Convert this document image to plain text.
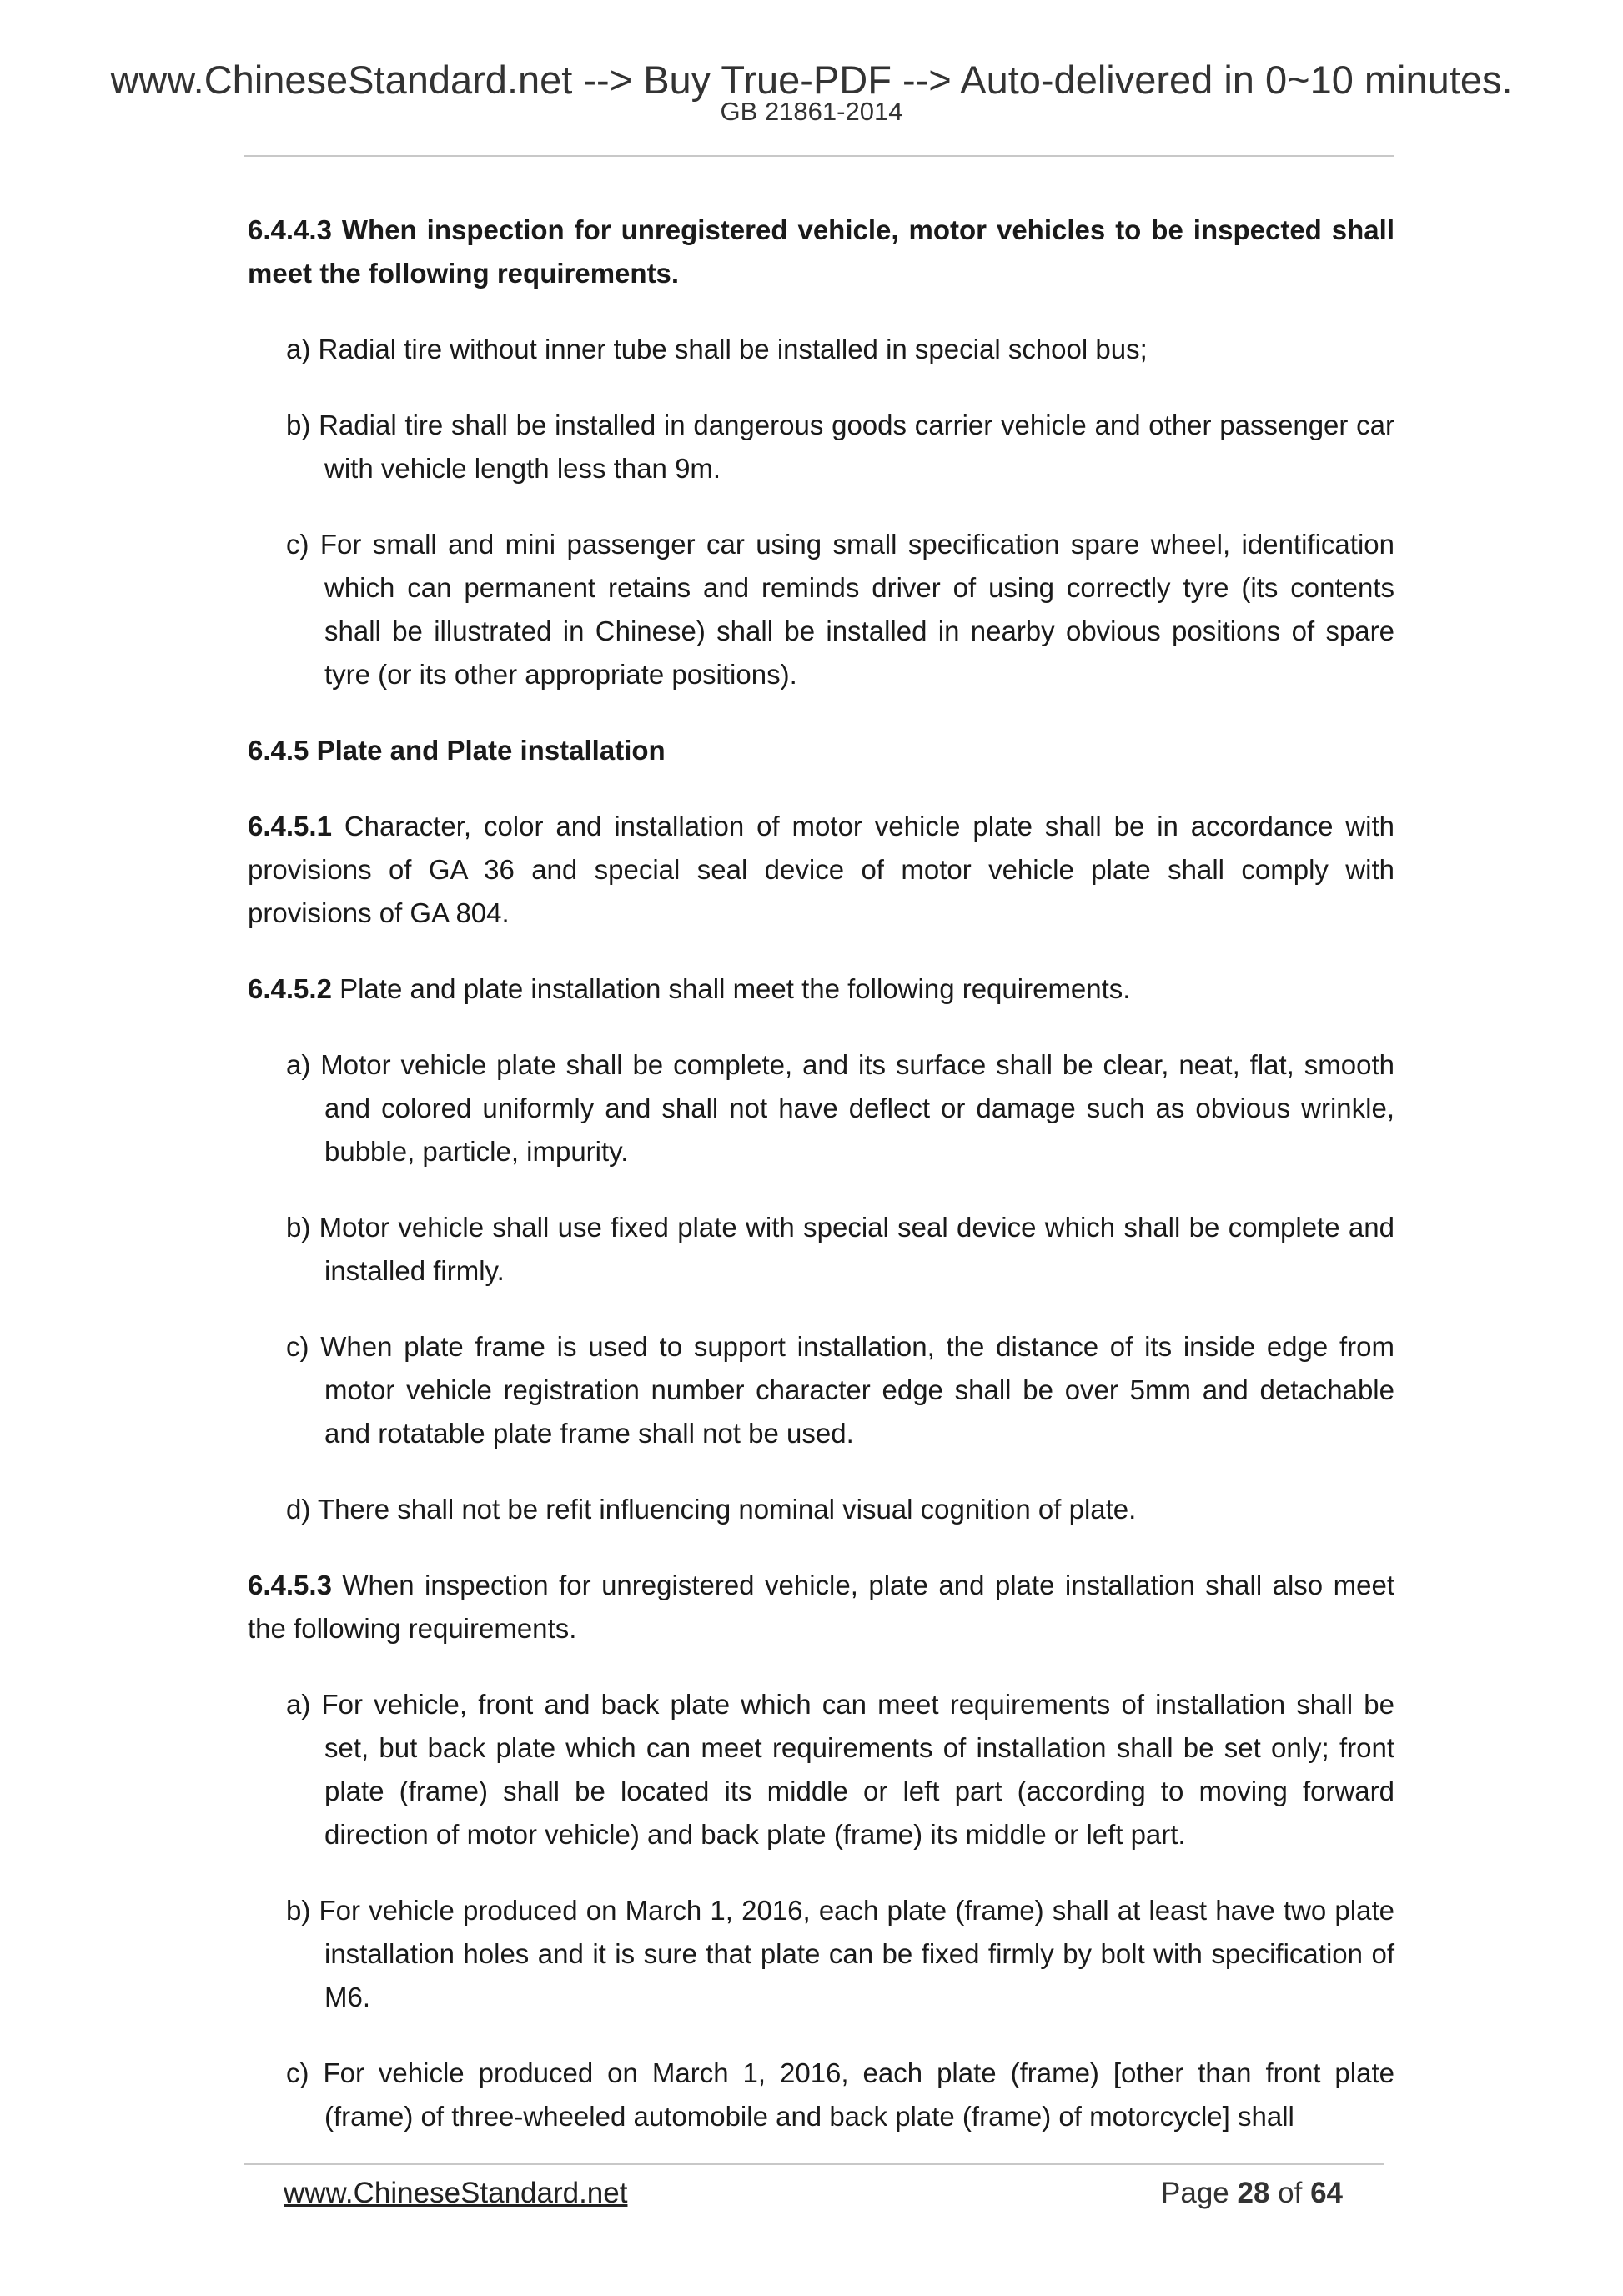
www.ChineseStandard.net --> Buy True-PDF --> Auto-delivered in 0~10 minutes.
GB 21861-2014

6.4.4.3 When inspection for unregistered vehicle, motor vehicles to be inspected shall meet the following requirements.

a) Radial tire without inner tube shall be installed in special school bus;

b) Radial tire shall be installed in dangerous goods carrier vehicle and other passenger car with vehicle length less than 9m.

c) For small and mini passenger car using small specification spare wheel, identification which can permanent retains and reminds driver of using correctly tyre (its contents shall be illustrated in Chinese) shall be installed in nearby obvious positions of spare tyre (or its other appropriate positions).

6.4.5 Plate and Plate installation

6.4.5.1 Character, color and installation of motor vehicle plate shall be in accordance with provisions of GA 36 and special seal device of motor vehicle plate shall comply with provisions of GA 804.

6.4.5.2 Plate and plate installation shall meet the following requirements.

a) Motor vehicle plate shall be complete, and its surface shall be clear, neat, flat, smooth and colored uniformly and shall not have deflect or damage such as obvious wrinkle, bubble, particle, impurity.

b) Motor vehicle shall use fixed plate with special seal device which shall be complete and installed firmly.

c) When plate frame is used to support installation, the distance of its inside edge from motor vehicle registration number character edge shall be over 5mm and detachable and rotatable plate frame shall not be used.

d) There shall not be refit influencing nominal visual cognition of plate.

6.4.5.3 When inspection for unregistered vehicle, plate and plate installation shall also meet the following requirements.

a) For vehicle, front and back plate which can meet requirements of installation shall be set, but back plate which can meet requirements of installation shall be set only; front plate (frame) shall be located its middle or left part (according to moving forward direction of motor vehicle) and back plate (frame) its middle or left part.

b) For vehicle produced on March 1, 2016, each plate (frame) shall at least have two plate installation holes and it is sure that plate can be fixed firmly by bolt with specification of M6.

c) For vehicle produced on March 1, 2016, each plate (frame) [other than front plate (frame) of three-wheeled automobile and back plate (frame) of motorcycle] shall

www.ChineseStandard.net	Page 28 of 64
